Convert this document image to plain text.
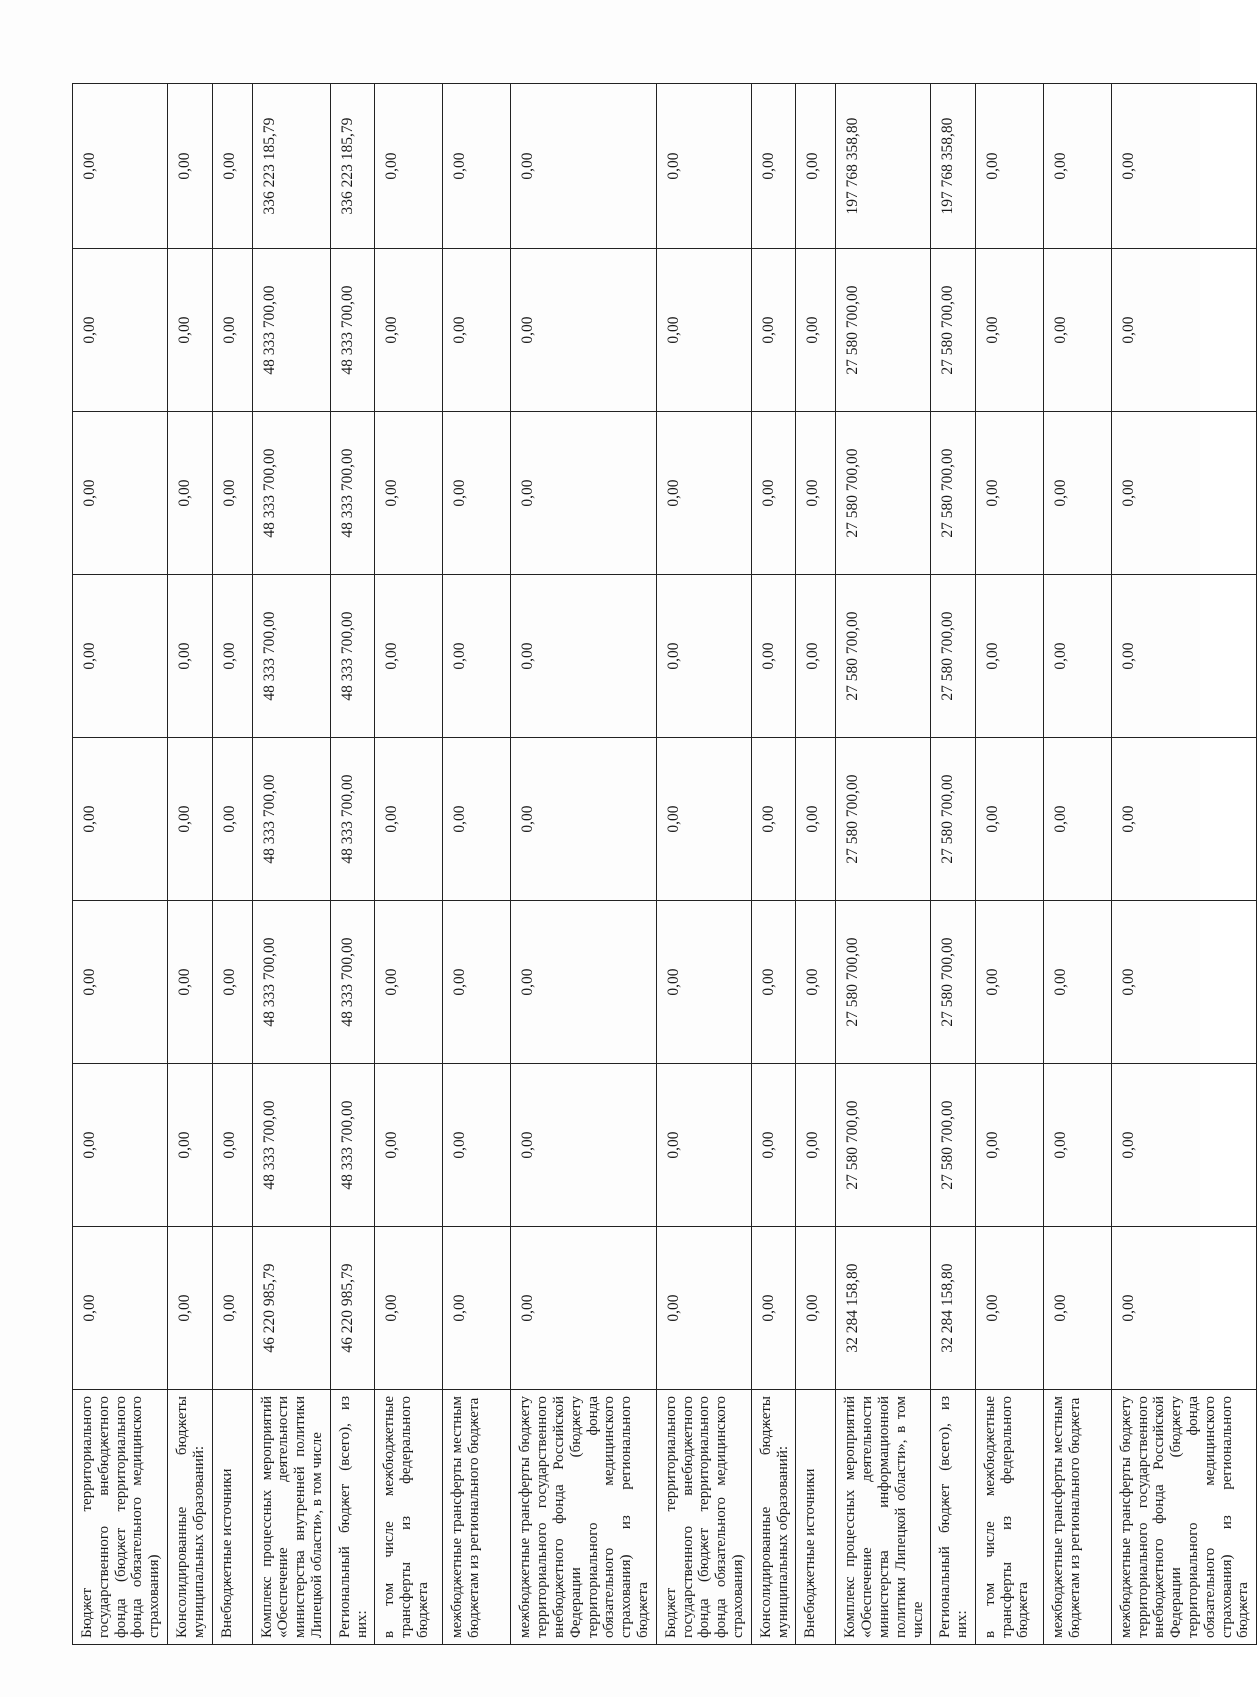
Бюджет территориального государственного внебюджетного фонда (бюджет территориального фонда обязательного медицинского страхования)	0,00	0,00	0,00	0,00	0,00	0,00	0,00	0,00
Консолидированные бюджеты муниципальных образований:	0,00	0,00	0,00	0,00	0,00	0,00	0,00	0,00
Внебюджетные источники	0,00	0,00	0,00	0,00	0,00	0,00	0,00	0,00
Комплекс процессных мероприятий «Обеспечение деятельности министерства внутренней политики Липецкой области», в том числе	46 220 985,79	48 333 700,00	48 333 700,00	48 333 700,00	48 333 700,00	48 333 700,00	48 333 700,00	336 223 185,79
Региональный бюджет (всего), из них:	46 220 985,79	48 333 700,00	48 333 700,00	48 333 700,00	48 333 700,00	48 333 700,00	48 333 700,00	336 223 185,79
в том числе межбюджетные трансферты из федерального бюджета	0,00	0,00	0,00	0,00	0,00	0,00	0,00	0,00
межбюджетные трансферты местным бюджетам из регионального бюджета	0,00	0,00	0,00	0,00	0,00	0,00	0,00	0,00
межбюджетные трансферты бюджету территориального государственного внебюджетного фонда Российской Федерации (бюджету территориального фонда обязательного медицинского страхования) из регионального бюджета	0,00	0,00	0,00	0,00	0,00	0,00	0,00	0,00
Бюджет территориального государственного внебюджетного фонда (бюджет территориального фонда обязательного медицинского страхования)	0,00	0,00	0,00	0,00	0,00	0,00	0,00	0,00
Консолидированные бюджеты муниципальных образований:	0,00	0,00	0,00	0,00	0,00	0,00	0,00	0,00
Внебюджетные источники	0,00	0,00	0,00	0,00	0,00	0,00	0,00	0,00
Комплекс процессных мероприятий «Обеспечение деятельности министерства информационной политики Липецкой области», в том числе	32 284 158,80	27 580 700,00	27 580 700,00	27 580 700,00	27 580 700,00	27 580 700,00	27 580 700,00	197 768 358,80
Региональный бюджет (всего), из них:	32 284 158,80	27 580 700,00	27 580 700,00	27 580 700,00	27 580 700,00	27 580 700,00	27 580 700,00	197 768 358,80
в том числе межбюджетные трансферты из федерального бюджета	0,00	0,00	0,00	0,00	0,00	0,00	0,00	0,00
межбюджетные трансферты местным бюджетам из регионального бюджета	0,00	0,00	0,00	0,00	0,00	0,00	0,00	0,00
межбюджетные трансферты бюджету территориального государственного внебюджетного фонда Российской Федерации (бюджету территориального фонда обязательного медицинского страхования) из регионального бюджета	0,00	0,00	0,00	0,00	0,00	0,00	0,00	0,00
